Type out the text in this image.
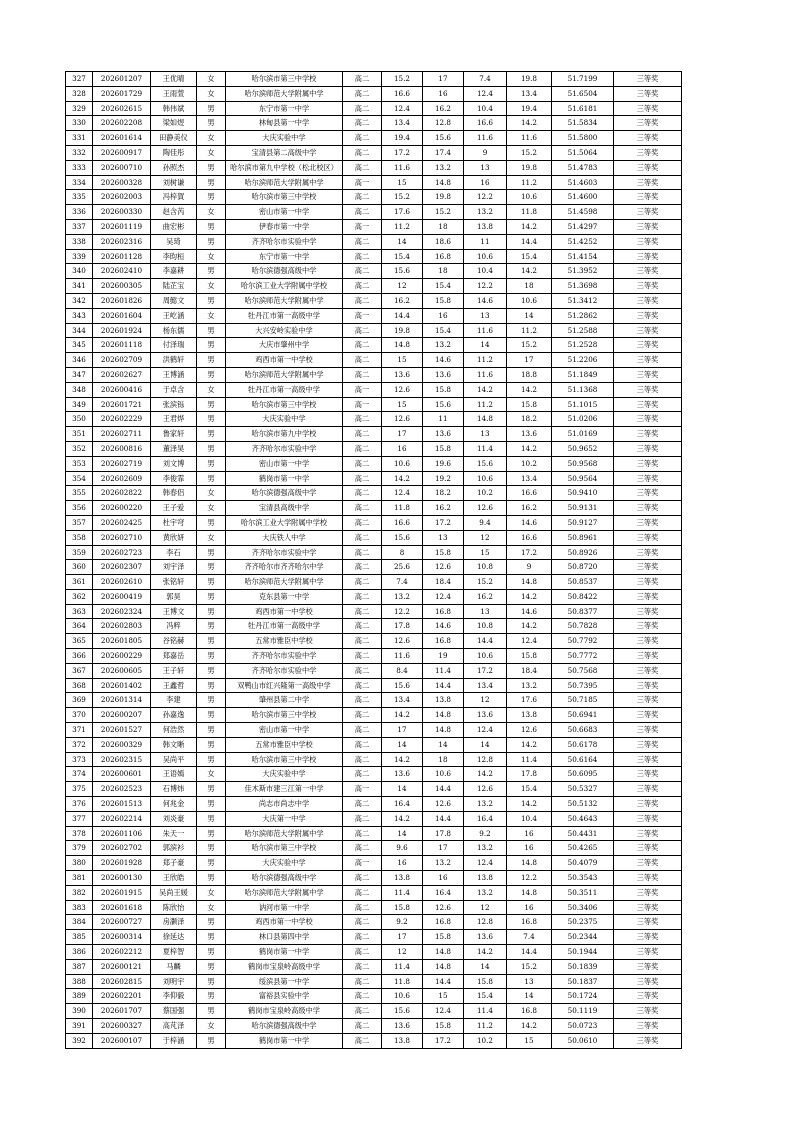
327	202601207	王优晴	女	哈尔滨市第三中学校	高二	15.2	17	7.4	19.8	51.7199	三等奖
328	202601729	王雨萱	女	哈尔滨师范大学附属中学	高二	16.6	16	12.4	13.4	51.6504	三等奖
329	202602615	韩伟斌	男	东宁市第一中学	高二	12.4	16.2	10.4	19.4	51.6181	三等奖
330	202602208	梁如煜	男	林甸县第一中学	高二	13.4	12.8	16.6	14.2	51.5834	三等奖
331	202601614	田静美仪	女	大庆实验中学	高二	19.4	15.6	11.6	11.6	51.5800	三等奖
332	202600917	陶佳彤	女	宝清县第二高级中学	高二	17.2	17.4	9	15.2	51.5064	三等奖
333	202600710	孙照杰	男	哈尔滨市第九中学校（松北校区）	高二	11.6	13.2	13	19.8	51.4783	三等奖
334	202600328	刘树谦	男	哈尔滨师范大学附属中学	高一	15	14.8	16	11.2	51.4603	三等奖
335	202602003	冯梓賀	男	哈尔滨市第三中学校	高二	15.2	19.8	12.2	10.6	51.4600	三等奖
336	202600330	赵含芮	女	密山市第一中学	高二	17.6	15.2	13.2	11.8	51.4598	三等奖
337	202601119	曲宏彬	男	伊春市第一中学	高一	11.2	18	13.8	14.2	51.4297	三等奖
338	202602316	吴琦	男	齐齐哈尔市实验中学	高二	14	18.6	11	14.4	51.4252	三等奖
339	202601128	李昀桓	女	东宁市第一中学	高二	15.4	16.8	10.6	15.4	51.4154	三等奖
340	202602410	李嘉耕	男	哈尔滨德强高级中学	高二	15.6	18	10.4	14.2	51.3952	三等奖
341	202600305	陆芷宝	女	哈尔滨工业大学附属中学校	高二	12	15.4	12.2	18	51.3698	三等奖
342	202601826	周懿文	男	哈尔滨师范大学附属中学	高二	16.2	15.8	14.6	10.6	51.3412	三等奖
343	202601604	王屹涵	女	牡丹江市第一高级中学	高一	14.4	16	13	14	51.2862	三等奖
344	202601924	杨东儒	男	大兴安岭实验中学	高二	19.8	15.4	11.6	11.2	51.2588	三等奖
345	202601118	付泽瑞	男	大庆市肇州中学	高二	14.8	13.2	14	15.2	51.2528	三等奖
346	202602709	洪鹤轩	男	鸡西市第一中学校	高二	15	14.6	11.2	17	51.2206	三等奖
347	202602627	王博涵	男	哈尔滨师范大学附属中学	高二	13.6	13.6	11.6	18.8	51.1849	三等奖
348	202600416	于卓含	女	牡丹江市第一高级中学	高一	12.6	15.8	14.2	14.2	51.1368	三等奖
349	202601721	张滨铄	男	哈尔滨市第三中学校	高一	15	15.6	11.2	15.8	51.1015	三等奖
350	202602229	王君烨	男	大庆实验中学	高二	12.6	11	14.8	18.2	51.0206	三等奖
351	202602711	鲁家轩	男	哈尔滨市第九中学校	高二	17	13.6	13	13.6	51.0169	三等奖
352	202600816	董泽昊	男	齐齐哈尔市实验中学	高二	16	15.8	11.4	14.2	50.9652	三等奖
353	202602719	刘文博	男	密山市第一中学	高二	10.6	19.6	15.6	10.2	50.9568	三等奖
354	202602609	李俊霏	男	鹤岗市第一中学	高二	14.2	19.2	10.6	13.4	50.9564	三等奖
355	202602822	韩春侣	女	哈尔滨德强高级中学	高二	12.4	18.2	10.2	16.6	50.9410	三等奖
356	202600220	王子爱	女	宝清县高级中学	高二	11.8	16.2	12.6	16.2	50.9131	三等奖
357	202602425	杜宇穹	男	哈尔滨工业大学附属中学校	高二	16.6	17.2	9.4	14.6	50.9127	三等奖
358	202602710	黄欣妍	女	大庆铁人中学	高二	15.6	13	12	16.6	50.8961	三等奖
359	202602723	李石	男	齐齐哈尔市实验中学	高二	8	15.8	15	17.2	50.8926	三等奖
360	202602307	刘宇泽	男	齐齐哈尔市齐齐哈尔中学	高二	25.6	12.6	10.8	9	50.8720	三等奖
361	202602610	张铭轩	男	哈尔滨师范大学附属中学	高二	7.4	18.4	15.2	14.8	50.8537	三等奖
362	202600419	郭昊	男	克东县第一中学	高二	13.2	12.4	16.2	14.2	50.8422	三等奖
363	202602324	王博文	男	鸡西市第一中学校	高二	12.2	16.8	13	14.6	50.8377	三等奖
364	202602803	冯粹	男	牡丹江市第一高级中学	高二	17.8	14.6	10.8	14.2	50.7828	三等奖
365	202601805	谷铭赫	男	五常市雅臣中学校	高二	12.6	16.8	14.4	12.4	50.7792	三等奖
366	202600229	郑嘉岳	男	齐齐哈尔市实验中学	高二	11.6	19	10.6	15.8	50.7772	三等奖
367	202600605	王子轩	男	齐齐哈尔市实验中学	高二	8.4	11.4	17.2	18.4	50.7568	三等奖
368	202601402	王鑫哲	男	双鸭山市红兴隆第一高级中学	高二	15.6	14.4	13.4	13.2	50.7395	三等奖
369	202601314	李建	男	肇州县第二中学	高二	13.4	13.8	12	17.6	50.7185	三等奖
370	202600207	孙嘉逸	男	哈尔滨市第三中学校	高二	14.2	14.8	13.6	13.8	50.6941	三等奖
371	202601527	何浩然	男	密山市第一中学	高二	17	14.8	12.4	12.6	50.6683	三等奖
372	202600329	韩文晰	男	五常市雅臣中学校	高二	14	14	14	14.2	50.6178	三等奖
373	202602315	吴尚平	男	哈尔滨市第三中学校	高二	14.2	18	12.8	11.4	50.6164	三等奖
374	202600601	王语嫣	女	大庆实验中学	高二	13.6	10.6	14.2	17.8	50.6095	三等奖
375	202602523	石博炜	男	佳木斯市建三江第一中学	高一	14	14.4	12.6	15.4	50.5327	三等奖
376	202601513	何兆金	男	尚志市尚志中学	高二	16.4	12.6	13.2	14.2	50.5132	三等奖
377	202602214	刘炎豪	男	大庆第一中学	高二	14.2	14.4	16.4	10.4	50.4643	三等奖
378	202601106	朱天一	男	哈尔滨师范大学附属中学	高二	14	17.8	9.2	16	50.4431	三等奖
379	202602702	郭滨衫	男	哈尔滨市第三中学校	高二	9.6	17	13.2	16	50.4265	三等奖
380	202601928	郑子豪	男	大庆实验中学	高一	16	13.2	12.4	14.8	50.4079	三等奖
381	202600130	王欣皓	男	哈尔滨德强高级中学	高二	13.8	16	13.8	12.2	50.3543	三等奖
382	202601915	吴尚王媛	女	哈尔滨师范大学附属中学	高二	11.4	16.4	13.2	14.8	50.3511	三等奖
383	202601618	陈欣怡	女	讷河市第一中学	高二	15.8	12.6	12	16	50.3406	三等奖
384	202600727	房灏泽	男	鸡西市第一中学校	高二	9.2	16.8	12.8	16.8	50.2375	三等奖
385	202600314	徐延达	男	林口县第四中学	高二	17	15.8	13.6	7.4	50.2344	三等奖
386	202602212	夏梓智	男	鹤岗市第一中学	高二	12	14.8	14.2	14.4	50.1944	三等奖
387	202600121	马麟	男	鹤岗市宝泉岭高级中学	高二	11.4	14.8	14	15.2	50.1839	三等奖
388	202602815	刘明宇	男	绥滨县第一中学	高二	11.8	14.4	15.8	13	50.1837	三等奖
389	202602201	李仰毅	男	富裕县实验中学	高二	10.6	15	15.4	14	50.1724	三等奖
390	202601707	蔡国强	男	鹤岗市宝泉岭高级中学	高二	15.6	12.4	11.4	16.8	50.1119	三等奖
391	202600327	高芃泽	女	哈尔滨德强高级中学	高二	13.6	15.8	11.2	14.2	50.0723	三等奖
392	202600107	于梓涵	男	鹤岗市第一中学	高二	13.8	17.2	10.2	15	50.0610	三等奖
